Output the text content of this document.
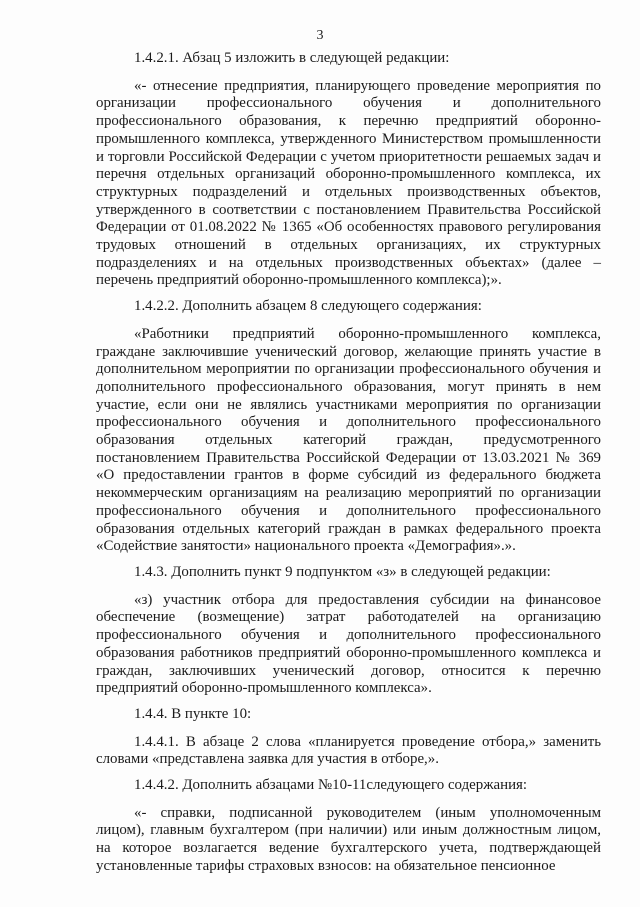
3

1.4.2.1. Абзац 5 изложить в следующей редакции:

«- отнесение предприятия, планирующего проведение мероприятия по организации профессионального обучения и дополнительного профессионального образования, к перечню предприятий оборонно-промышленного комплекса, утвержденного Министерством промышленности и торговли Российской Федерации с учетом приоритетности решаемых задач и перечня отдельных организаций оборонно-промышленного комплекса, их структурных подразделений и отдельных производственных объектов, утвержденного в соответствии с постановлением Правительства Российской Федерации от 01.08.2022 № 1365 «Об особенностях правового регулирования трудовых отношений в отдельных организациях, их структурных подразделениях и на отдельных производственных объектах» (далее – перечень предприятий оборонно-промышленного комплекса);».

1.4.2.2. Дополнить абзацем 8 следующего содержания:

«Работники предприятий оборонно-промышленного комплекса, граждане заключившие ученический договор, желающие принять участие в дополнительном мероприятии по организации профессионального обучения и дополнительного профессионального образования, могут принять в нем участие, если они не являлись участниками мероприятия по организации профессионального обучения и дополнительного профессионального образования отдельных категорий граждан, предусмотренного постановлением Правительства Российской Федерации от 13.03.2021 № 369 «О предоставлении грантов в форме субсидий из федерального бюджета некоммерческим организациям на реализацию мероприятий по организации профессионального обучения и дополнительного профессионального образования отдельных категорий граждан в рамках федерального проекта «Содействие занятости» национального проекта «Демография».».

1.4.3. Дополнить пункт 9 подпунктом «з» в следующей редакции:

«з) участник отбора для предоставления субсидии на финансовое обеспечение (возмещение) затрат работодателей на организацию профессионального обучения и дополнительного профессионального образования работников предприятий оборонно-промышленного комплекса и граждан, заключивших ученический договор, относится к перечню предприятий оборонно-промышленного комплекса».

1.4.4. В пункте 10:

1.4.4.1. В абзаце 2 слова «планируется проведение отбора,» заменить словами «представлена заявка для участия в отборе,».

1.4.4.2. Дополнить абзацами №10-11следующего содержания:

«- справки, подписанной руководителем (иным уполномоченным лицом), главным бухгалтером (при наличии) или иным должностным лицом, на которое возлагается ведение бухгалтерского учета, подтверждающей установленные тарифы страховых взносов: на обязательное пенсионное
